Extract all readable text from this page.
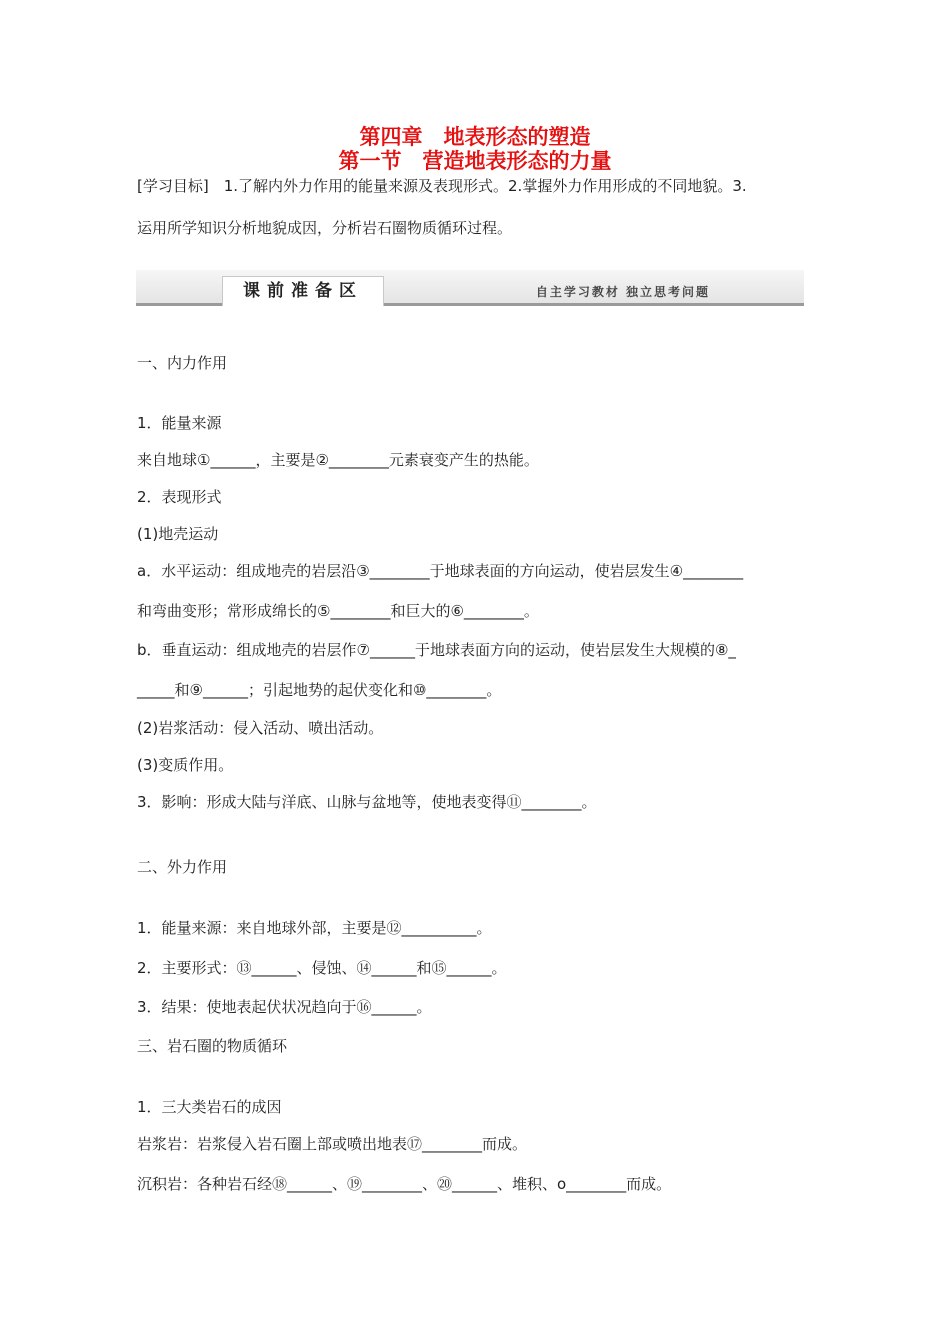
第四章　地表形态的塑造
第一节　营造地表形态的力量
[学习目标]　1.了解内外力作用的能量来源及表现形式。2.掌握外力作用形成的不同地貌。3.
运用所学知识分析地貌成因，分析岩石圈物质循环过程。
课前准备区	自主学习教材 独立思考问题
一、内力作用
1．能量来源
来自地球①______，主要是②________元素衰变产生的热能。
2．表现形式
(1)地壳运动
a．水平运动：组成地壳的岩层沿③________于地球表面的方向运动，使岩层发生④________
和弯曲变形；常形成绵长的⑤________和巨大的⑥________。
b．垂直运动：组成地壳的岩层作⑦______于地球表面方向的运动，使岩层发生大规模的⑧_
_____和⑨______；引起地势的起伏变化和⑩________。
(2)岩浆活动：侵入活动、喷出活动。
(3)变质作用。
3．影响：形成大陆与洋底、山脉与盆地等，使地表变得⑪________。
二、外力作用
1．能量来源：来自地球外部，主要是⑫__________。
2．主要形式：⑬______、侵蚀、⑭______和⑮______。
3．结果：使地表起伏状况趋向于⑯______。
三、岩石圈的物质循环
1．三大类岩石的成因
岩浆岩：岩浆侵入岩石圈上部或喷出地表⑰________而成。
沉积岩：各种岩石经⑱______、⑲________、⑳______、堆积、o________而成。
